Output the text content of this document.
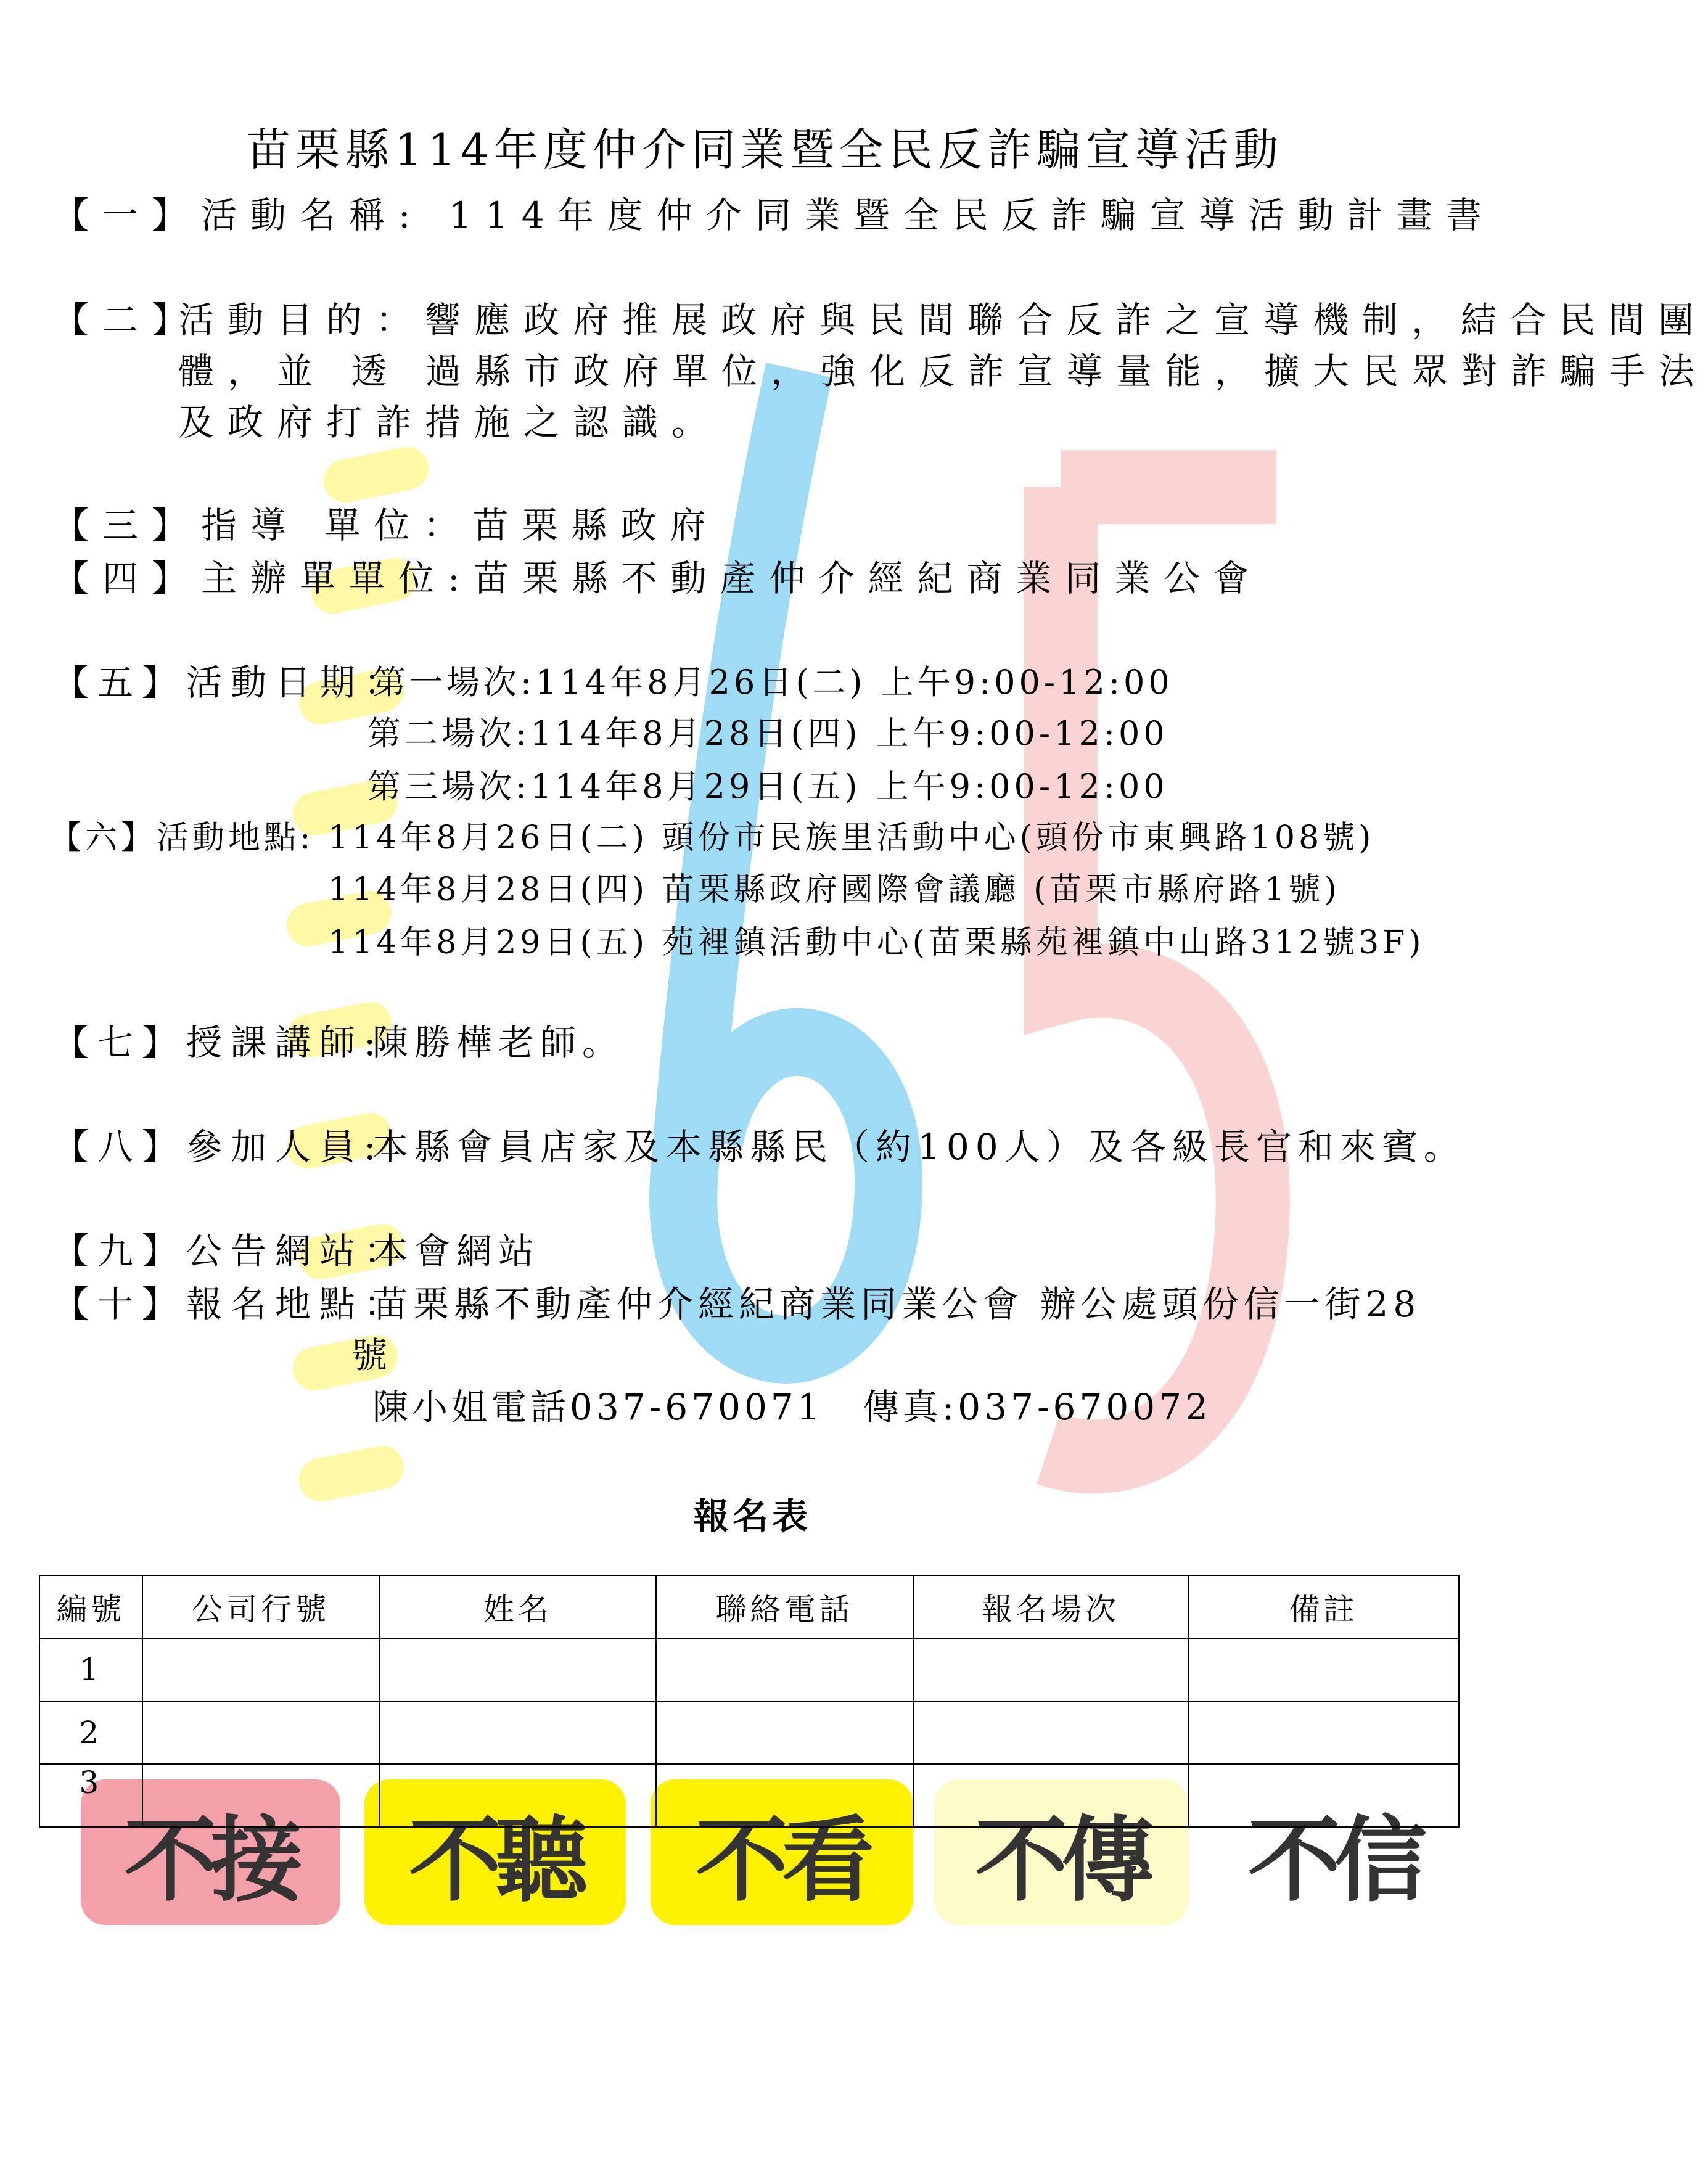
苗栗縣114年度仲介同業暨全民反詐騙宣導活動
【一】活動名稱: 114年度仲介同業暨全民反詐騙宣導活動計畫書
【二】
活動目的：響應政府推展政府與民間聯合反詐之宣導機制，結合民間團
體，並 透 過縣市政府單位，強化反詐宣導量能，擴大民眾對詐騙手法
及政府打詐措施之認識。
【三】指導 單位：苗栗縣政府
【四】主辦單單位:苗栗縣不動產仲介經紀商業同業公會
【五】活動日期：
第一場次:114年8月26日(二) 上午9:00-12:00
第二場次:114年8月28日(四) 上午9:00-12:00
第三場次:114年8月29日(五) 上午9:00-12:00
【六】活動地點: 114年8月26日(二) 頭份市民族里活動中心(頭份市東興路108號)
114年8月28日(四) 苗栗縣政府國際會議廳 (苗栗市縣府路1號)
114年8月29日(五) 苑裡鎮活動中心(苗栗縣苑裡鎮中山路312號3F)
【七】授課講師:
陳勝樺老師。
【八】參加人員:
本縣會員店家及本縣縣民（約100人）及各級長官和來賓。
【九】公告網站：
本會網站
【十】報名地點：
苗栗縣不動產仲介經紀商業同業公會 辦公處頭份信一街28
號
陳小姐電話037-670071　傳真:037-670072
報名表
編號	公司行號	姓名	聯絡電話	報名場次	備註
1					
2					
3					
不接	不聽	不看	不傳	不信
